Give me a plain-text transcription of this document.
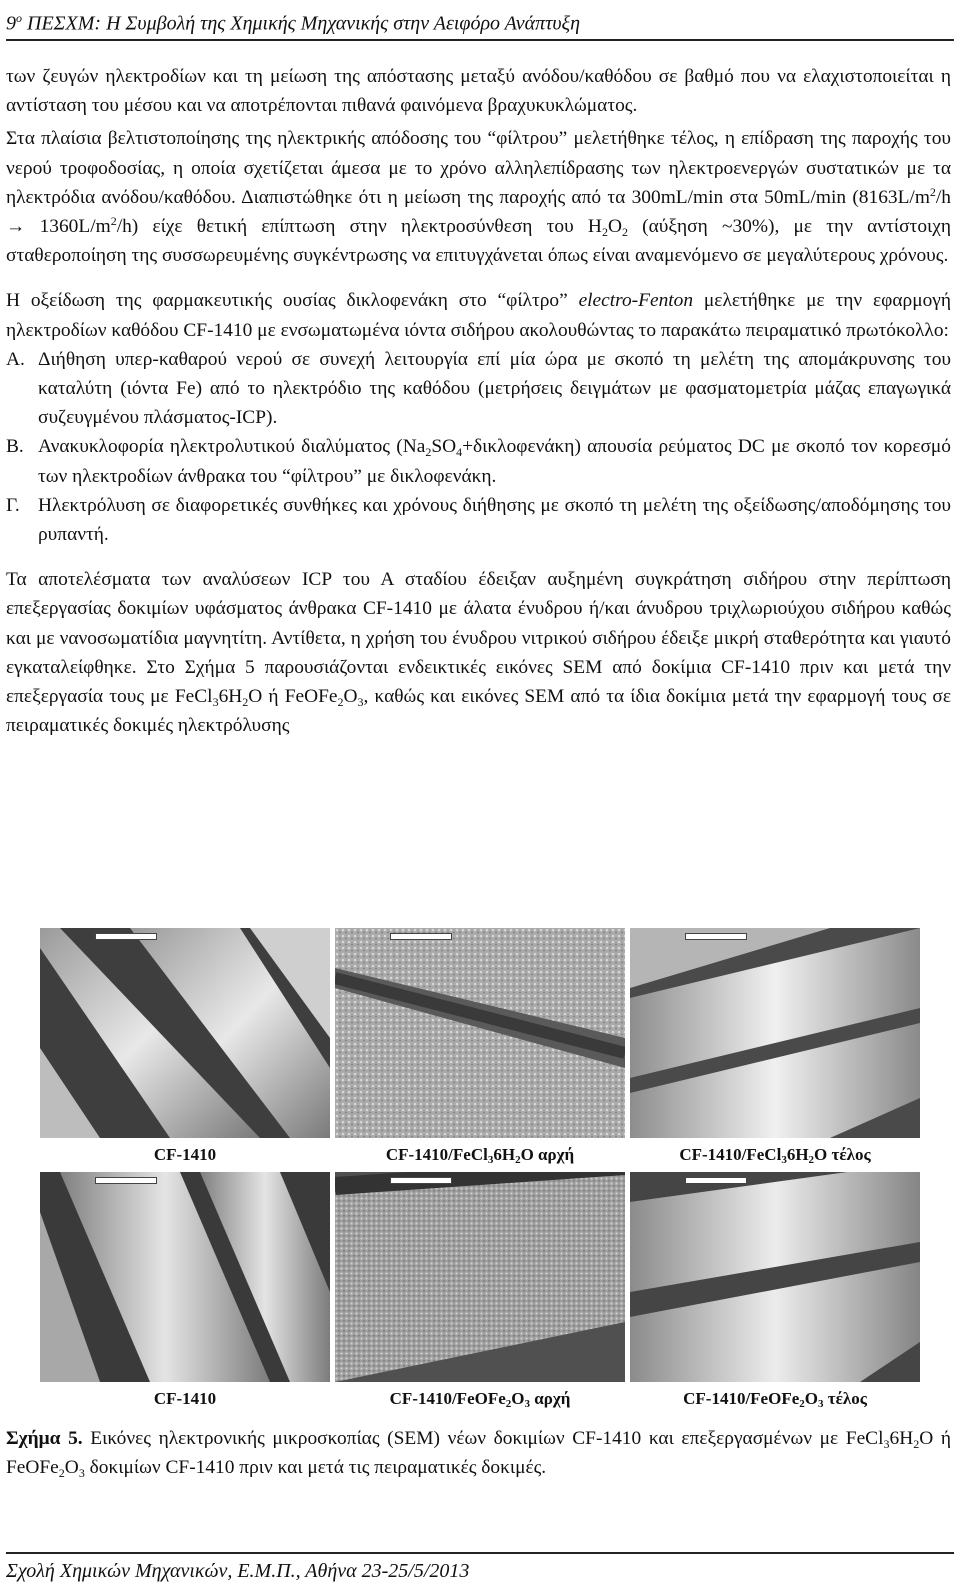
$9^o$ ΠΕΣΧΜ: Η Συμβολή της Χημικής Μηχανικής στην Αειφόρο Ανάπτυξη

των ζευγών ηλεκτροδίων και τη μείωση της απόστασης μεταξύ ανόδου/καθόδου σε βαθμό που να ελαχιστοποιείται η αντίσταση του μέσου και να αποτρέπονται πιθανά φαινόμενα βραχυκυκλώματος.

Στα πλαίσια βελτιστοποίησης της ηλεκτρικής απόδοσης του “φίλτρου” μελετήθηκε τέλος, η επίδραση της παροχής του νερού τροφοδοσίας, η οποία σχετίζεται άμεσα με το χρόνο αλληλεπίδρασης των ηλεκτροενεργών συστατικών με τα ηλεκτρόδια ανόδου/καθόδου. Διαπιστώθηκε ότι η μείωση της παροχής από τα 300mL/min στα 50mL/min $(8163L/m^2/h \to 1360L/m^2/h)$ είχε θετική επίπτωση στην ηλεκτροσύνθεση του $H_2O_2$ (αύξηση ~30%), με την αντίστοιχη σταθεροποίηση της συσσωρευμένης συγκέντρωσης να επιτυγχάνεται όπως είναι αναμενόμενο σε μεγαλύτερους χρόνους.

Η οξείδωση της φαρμακευτικής ουσίας δικλοφενάκη στο “φίλτρο” electro-Fenton μελετήθηκε με την εφαρμογή ηλεκτροδίων καθόδου CF-1410 με ενσωματωμένα ιόντα σιδήρου ακολουθώντας το παρακάτω πειραματικό πρωτόκολλο:

Α. Διήθηση υπερ-καθαρού νερού σε συνεχή λειτουργία επί μία ώρα με σκοπό τη μελέτη της απομάκρυνσης του καταλύτη (ιόντα Fe) από το ηλεκτρόδιο της καθόδου (μετρήσεις δειγμάτων με φασματομετρία μάζας επαγωγικά συζευγμένου πλάσματος-ICP).
Β. Ανακυκλοφορία ηλεκτρολυτικού διαλύματος $(Na_2SO_4+\delta\iota\kappa\lambda o\varphi\varepsilon\nu ά\kappa\eta)$ απουσία ρεύματος DC με σκοπό τον κορεσμό των ηλεκτροδίων άνθρακα του “φίλτρου” με δικλοφενάκη.
Γ. Ηλεκτρόλυση σε διαφορετικές συνθήκες και χρόνους διήθησης με σκοπό τη μελέτη της οξείδωσης/αποδόμησης του ρυπαντή.

Τα αποτελέσματα των αναλύσεων ICP του Α σταδίου έδειξαν αυξημένη συγκράτηση σιδήρου στην περίπτωση επεξεργασίας δοκιμίων υφάσματος άνθρακα CF-1410 με άλατα ένυδρου ή/και άνυδρου τριχλωριούχου σιδήρου καθώς και με νανοσωματίδια μαγνητίτη. Αντίθετα, η χρήση του ένυδρου νιτρικού σιδήρου έδειξε μικρή σταθερότητα και γιαυτό εγκαταλείφθηκε. Στο Σχήμα 5 παρουσιάζονται ενδεικτικές εικόνες SEM από δοκίμια CF-1410 πριν και μετά την επεξεργασία τους με $FeCl_36H_2O$ ή $FeOFe_2O_3$, καθώς και εικόνες SEM από τα ίδια δοκίμια μετά την εφαρμογή τους σε πειραματικές δοκιμές ηλεκτρόλυσης

CF-1410	$CF-1410/FeCl_36H_2O$ αρχή	$CF-1410/FeCl_36H_2O$ τέλος
CF-1410	$CF-1410/FeOFe_2O_3$ αρχή	$CF-1410/FeOFe_2O_3$ τέλος
Σχήμα 5. Εικόνες ηλεκτρονικής μικροσκοπίας (SEM) νέων δοκιμίων CF-1410 και επεξεργασμένων με $FeCl_36H_2O$ ή $FeOFe_2O_3$ δοκιμίων CF-1410 πριν και μετά τις πειραματικές δοκιμές.
Σχολή Χημικών Μηχανικών, Ε.Μ.Π., Αθήνα 23-25/5/2013
